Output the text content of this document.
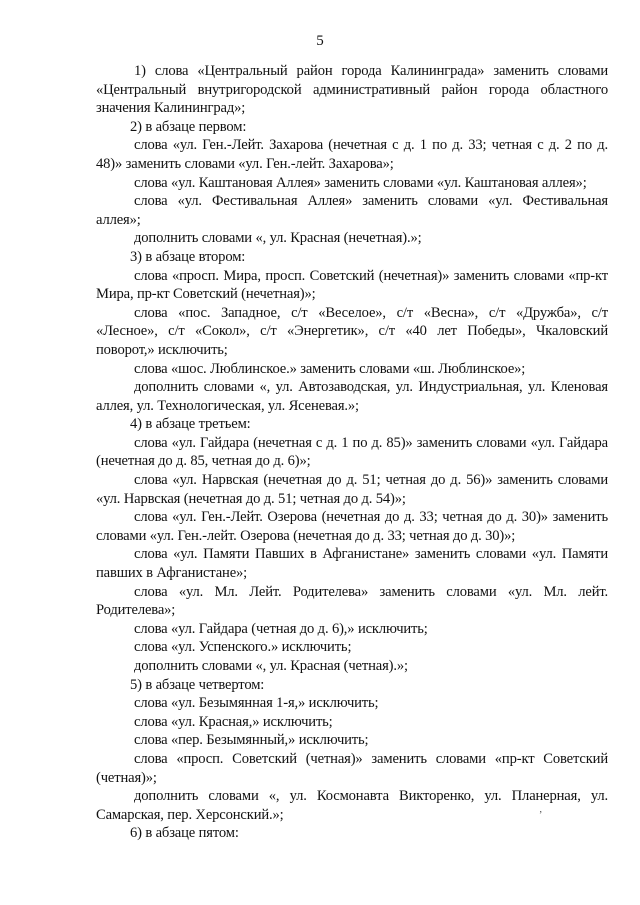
5

1) слова «Центральный район города Калининграда» заменить словами «Центральный внутригородской административный район города областного значения Калининград»;

2) в абзаце первом:

слова «ул. Ген.-Лейт. Захарова (нечетная с д. 1 по д. 33; четная с д. 2 по д. 48)» заменить словами «ул. Ген.-лейт. Захарова»;

слова «ул. Каштановая Аллея» заменить словами «ул. Каштановая аллея»;

слова «ул. Фестивальная Аллея» заменить словами «ул. Фестивальная аллея»;

дополнить словами «, ул. Красная (нечетная).»;

3) в абзаце втором:

слова «просп. Мира, просп. Советский (нечетная)» заменить словами «пр-кт Мира, пр-кт Советский (нечетная)»;

слова «пос. Западное, с/т «Веселое», с/т «Весна», с/т «Дружба», с/т «Лесное», с/т «Сокол», с/т «Энергетик», с/т «40 лет Победы», Чкаловский поворот,» исключить;

слова «шос. Люблинское.» заменить словами «ш. Люблинское»;

дополнить словами «, ул. Автозаводская, ул. Индустриальная, ул. Кленовая аллея, ул. Технологическая, ул. Ясеневая.»;

4) в абзаце третьем:

слова «ул. Гайдара (нечетная с д. 1 по д. 85)» заменить словами «ул. Гайдара (нечетная до д. 85, четная до д. 6)»;

слова «ул. Нарвская (нечетная до д. 51; четная до д. 56)» заменить словами «ул. Нарвская (нечетная до д. 51; четная до д. 54)»;

слова «ул. Ген.-Лейт. Озерова (нечетная до д. 33; четная до д. 30)» заменить словами «ул. Ген.-лейт. Озерова (нечетная до д. 33; четная до д. 30)»;

слова «ул. Памяти Павших в Афганистане» заменить словами «ул. Памяти павших в Афганистане»;

слова «ул. Мл. Лейт. Родителева» заменить словами «ул. Мл. лейт. Родителева»;

слова «ул. Гайдара (четная до д. 6),» исключить;

слова «ул. Успенского.» исключить;

дополнить словами «, ул. Красная (четная).»;

5) в абзаце четвертом:

слова «ул. Безымянная 1-я,» исключить;

слова «ул. Красная,» исключить;

слова «пер. Безымянный,» исключить;

слова «просп. Советский (четная)» заменить словами «пр-кт Советский (четная)»;

дополнить словами «, ул. Космонавта Викторенко, ул. Планерная, ул. Самарская, пер. Херсонский.»;

6) в абзаце пятом:

‚
